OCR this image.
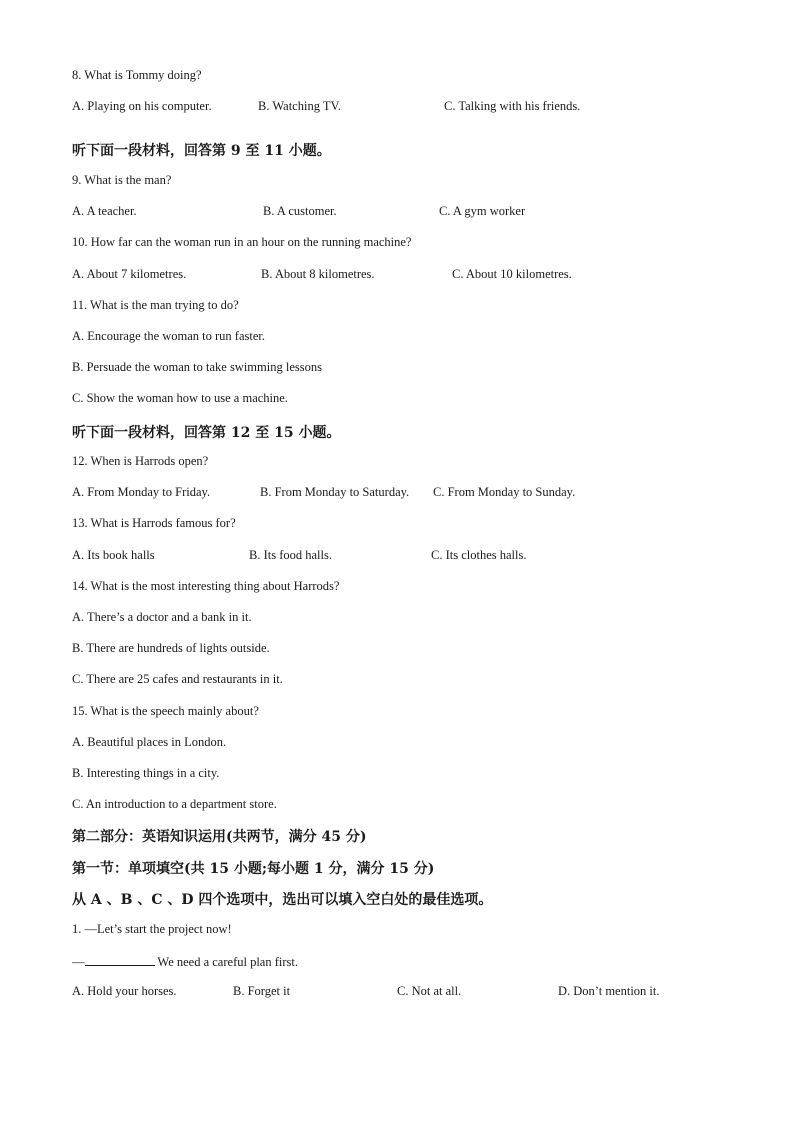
8. What is Tommy doing?
A. Playing on his computer.	B. Watching TV.	C. Talking with his friends.
听下面一段材料，回答第 9 至 11 小题。
9. What is the man?
A. A teacher.	B. A customer.	C. A gym worker
10. How far can the woman run in an hour on the running machine?
A. About 7 kilometres.	B. About 8 kilometres.	C. About 10 kilometres.
11. What is the man trying to do?
A. Encourage the woman to run faster.
B. Persuade the woman to take swimming lessons
C. Show the woman how to use a machine.
听下面一段材料，回答第 12 至 15 小题。
12. When is Harrods open?
A. From Monday to Friday.	B. From Monday to Saturday. C. From Monday to Sunday.
13. What is Harrods famous for?
A. Its book halls	B. Its food halls.	C. Its clothes halls.
14. What is the most interesting thing about Harrods?
A. There’s a doctor and a bank in it.
B. There are hundreds of lights outside.
C. There are 25 cafes and restaurants in it.
15. What is the speech mainly about?
A. Beautiful places in London.
B. Interesting things in a city.
C. An introduction to a department store.
第二部分：英语知识运用(共两节，满分 45 分)
第一节：单项填空(共 15 小题;每小题 1 分，满分 15 分)
从 A 、B 、C 、D 四个选项中，选出可以填入空白处的最佳选项。
1. —Let’s start the project now!
—	We need a careful plan first.
A. Hold your horses.	B. Forget it	C. Not at all.	D. Don’t mention it.
